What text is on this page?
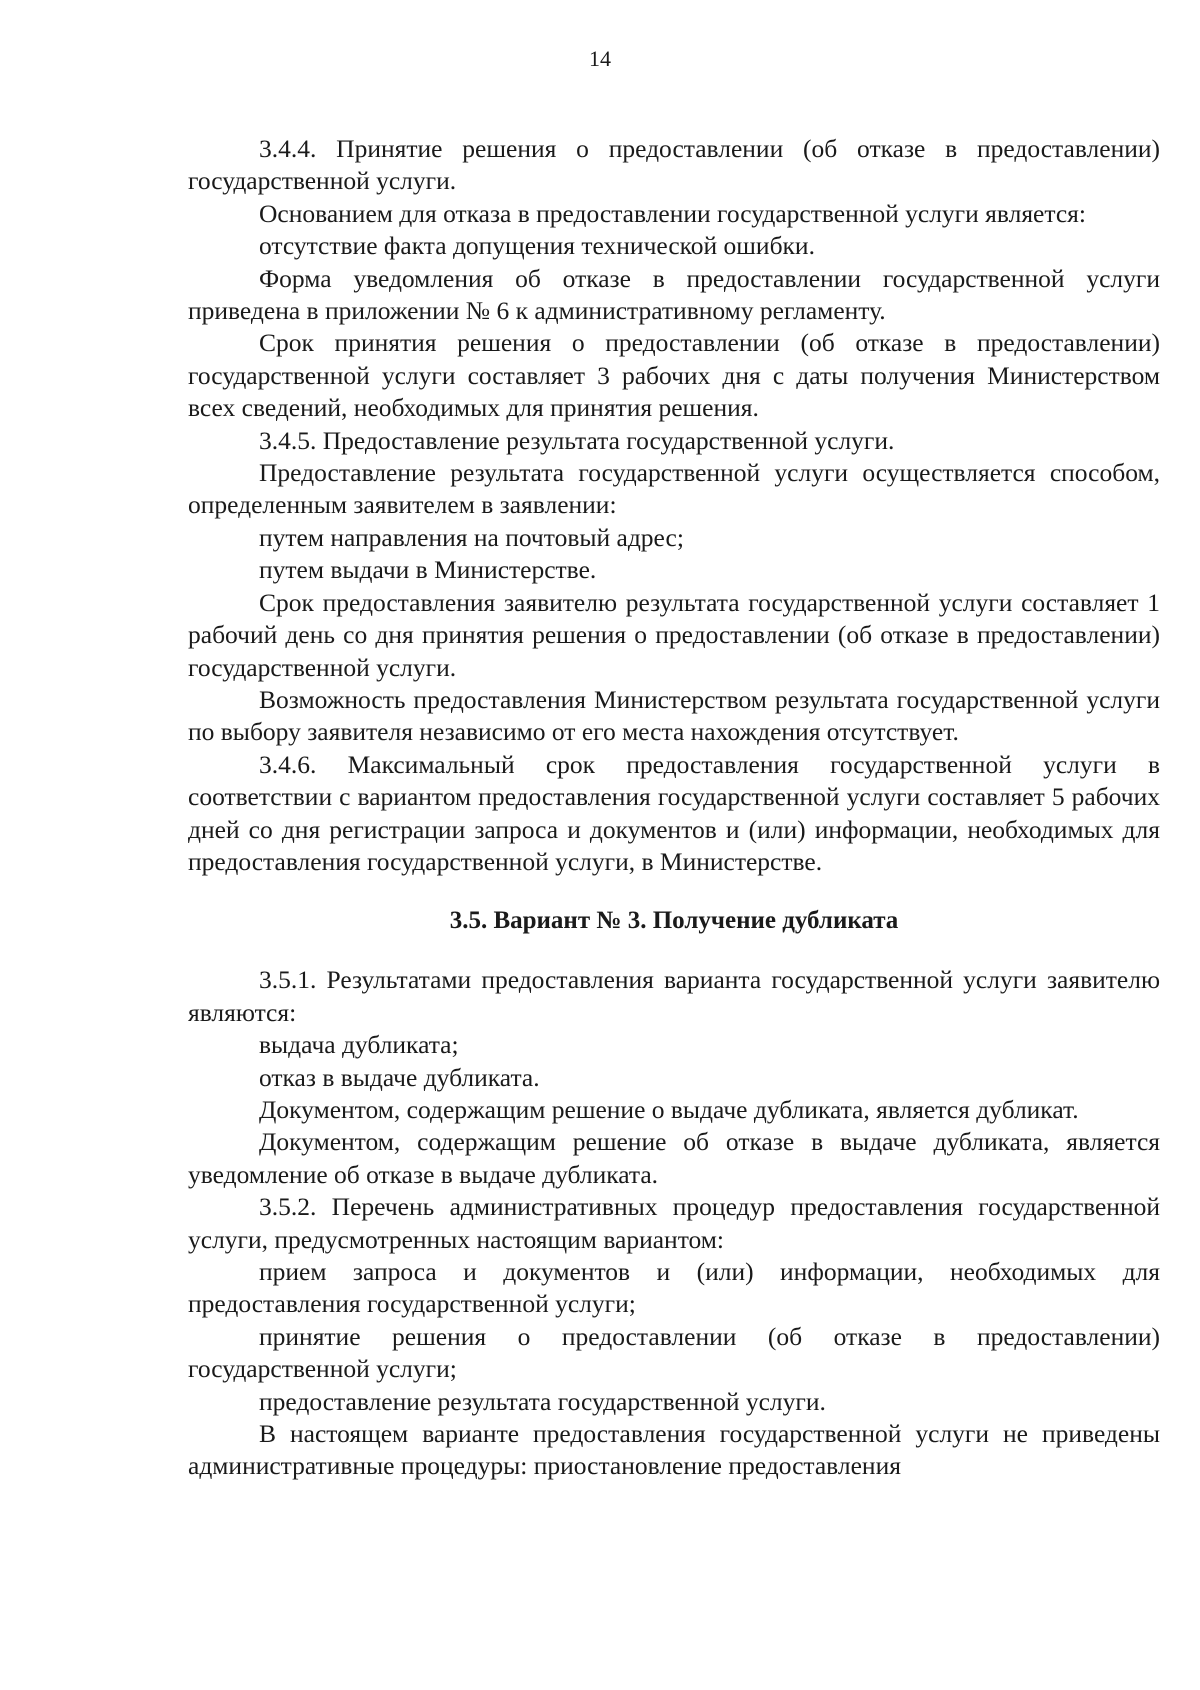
14

3.4.4. Принятие решения о предоставлении (об отказе в предоставлении) государственной услуги.

Основанием для отказа в предоставлении государственной услуги является:

отсутствие факта допущения технической ошибки.

Форма уведомления об отказе в предоставлении государственной услуги приведена в приложении № 6 к административному регламенту.

Срок принятия решения о предоставлении (об отказе в предоставлении) государственной услуги составляет 3 рабочих дня с даты получения Министерством всех сведений, необходимых для принятия решения.

3.4.5. Предоставление результата государственной услуги.

Предоставление результата государственной услуги осуществляется способом, определенным заявителем в заявлении:

путем направления на почтовый адрес;

путем выдачи в Министерстве.

Срок предоставления заявителю результата государственной услуги составляет 1 рабочий день со дня принятия решения о предоставлении (об отказе в предоставлении) государственной услуги.

Возможность предоставления Министерством результата государственной услуги по выбору заявителя независимо от его места нахождения отсутствует.

3.4.6. Максимальный срок предоставления государственной услуги в соответствии с вариантом предоставления государственной услуги составляет 5 рабочих дней со дня регистрации запроса и документов и (или) информации, необходимых для предоставления государственной услуги, в Министерстве.

3.5. Вариант № 3. Получение дубликата

3.5.1. Результатами предоставления варианта государственной услуги заявителю являются:

выдача дубликата;

отказ в выдаче дубликата.

Документом, содержащим решение о выдаче дубликата, является дубликат.

Документом, содержащим решение об отказе в выдаче дубликата, является уведомление об отказе в выдаче дубликата.

3.5.2. Перечень административных процедур предоставления государственной услуги, предусмотренных настоящим вариантом:

прием запроса и документов и (или) информации, необходимых для предоставления государственной услуги;

принятие решения о предоставлении (об отказе в предоставлении) государственной услуги;

предоставление результата государственной услуги.

В настоящем варианте предоставления государственной услуги не приведены административные процедуры: приостановление предоставления
